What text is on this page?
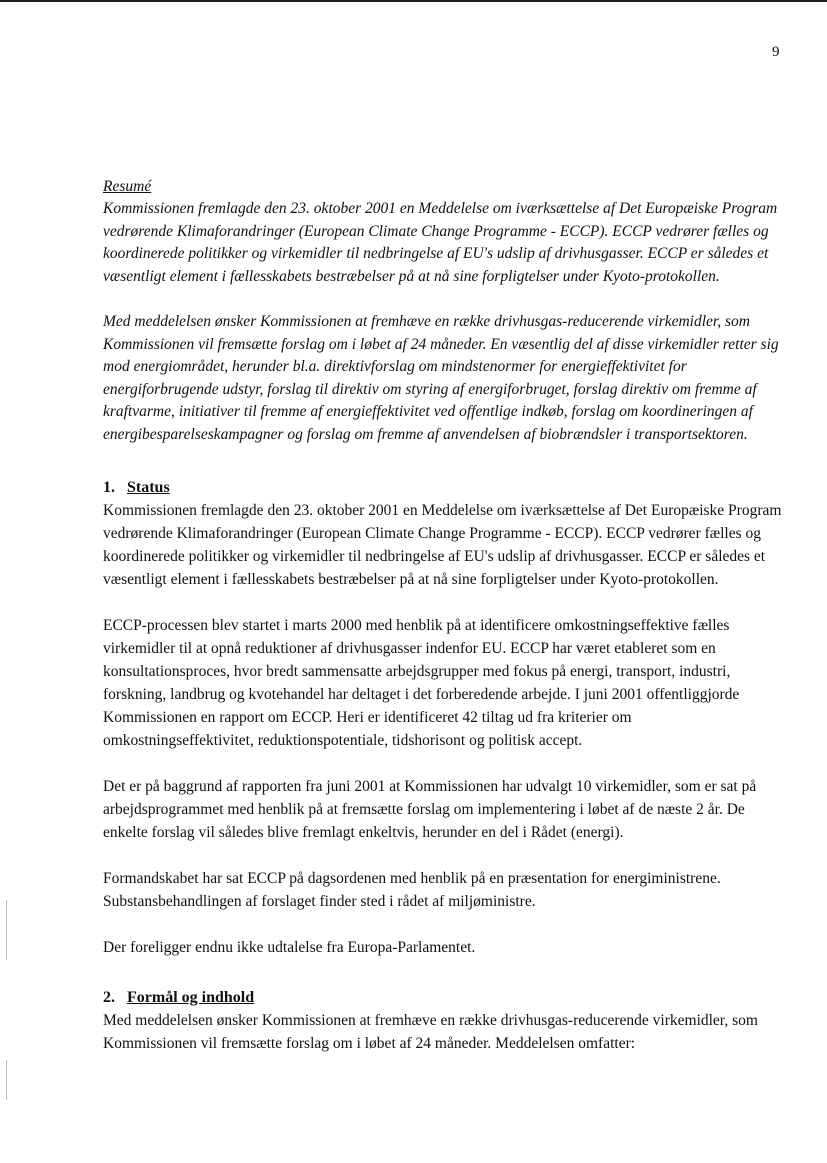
9
Resumé

Kommissionen fremlagde den 23. oktober 2001 en Meddelelse om iværksættelse af Det Europæiske Program vedrørende Klimaforandringer (European Climate Change Programme - ECCP). ECCP vedrører fælles og koordinerede politikker og virkemidler til nedbringelse af EU's udslip af drivhusgasser. ECCP er således et væsentligt element i fællesskabets bestræbelser på at nå sine forpligtelser under Kyoto-protokollen.

Med meddelelsen ønsker Kommissionen at fremhæve en række drivhusgas-reducerende virkemidler, som Kommissionen vil fremsætte forslag om i løbet af 24 måneder. En væsentlig del af disse virkemidler retter sig mod energiområdet, herunder bl.a. direktivforslag om mindstenormer for energieffektivitet for energiforbrugende udstyr, forslag til direktiv om styring af energiforbruget, forslag direktiv om fremme af kraftvarme, initiativer til fremme af energieffektivitet ved offentlige indkøb, forslag om koordineringen af energibesparelseskampagner og forslag om fremme af anvendelsen af biobrændsler i transportsektoren.

1. Status

Kommissionen fremlagde den 23. oktober 2001 en Meddelelse om iværksættelse af Det Europæiske Program vedrørende Klimaforandringer (European Climate Change Programme - ECCP). ECCP vedrører fælles og koordinerede politikker og virkemidler til nedbringelse af EU's udslip af drivhusgasser. ECCP er således et væsentligt element i fællesskabets bestræbelser på at nå sine forpligtelser under Kyoto-protokollen.

ECCP-processen blev startet i marts 2000 med henblik på at identificere omkostningseffektive fælles virkemidler til at opnå reduktioner af drivhusgasser indenfor EU. ECCP har været etableret som en konsultationsproces, hvor bredt sammensatte arbejdsgrupper med fokus på energi, transport, industri, forskning, landbrug og kvotehandel har deltaget i det forberedende arbejde. I juni 2001 offentliggjorde Kommissionen en rapport om ECCP. Heri er identificeret 42 tiltag ud fra kriterier om omkostningseffektivitet, reduktionspotentiale, tidshorisont og politisk accept.

Det er på baggrund af rapporten fra juni 2001 at Kommissionen har udvalgt 10 virkemidler, som er sat på arbejdsprogrammet med henblik på at fremsætte forslag om implementering i løbet af de næste 2 år. De enkelte forslag vil således blive fremlagt enkeltvis, herunder en del i Rådet (energi).

Formandskabet har sat ECCP på dagsordenen med henblik på en præsentation for energiministrene. Substansbehandlingen af forslaget finder sted i rådet af miljøministre.

Der foreligger endnu ikke udtalelse fra Europa-Parlamentet.

2. Formål og indhold

Med meddelelsen ønsker Kommissionen at fremhæve en række drivhusgas-reducerende virkemidler, som Kommissionen vil fremsætte forslag om i løbet af 24 måneder. Meddelelsen omfatter:
